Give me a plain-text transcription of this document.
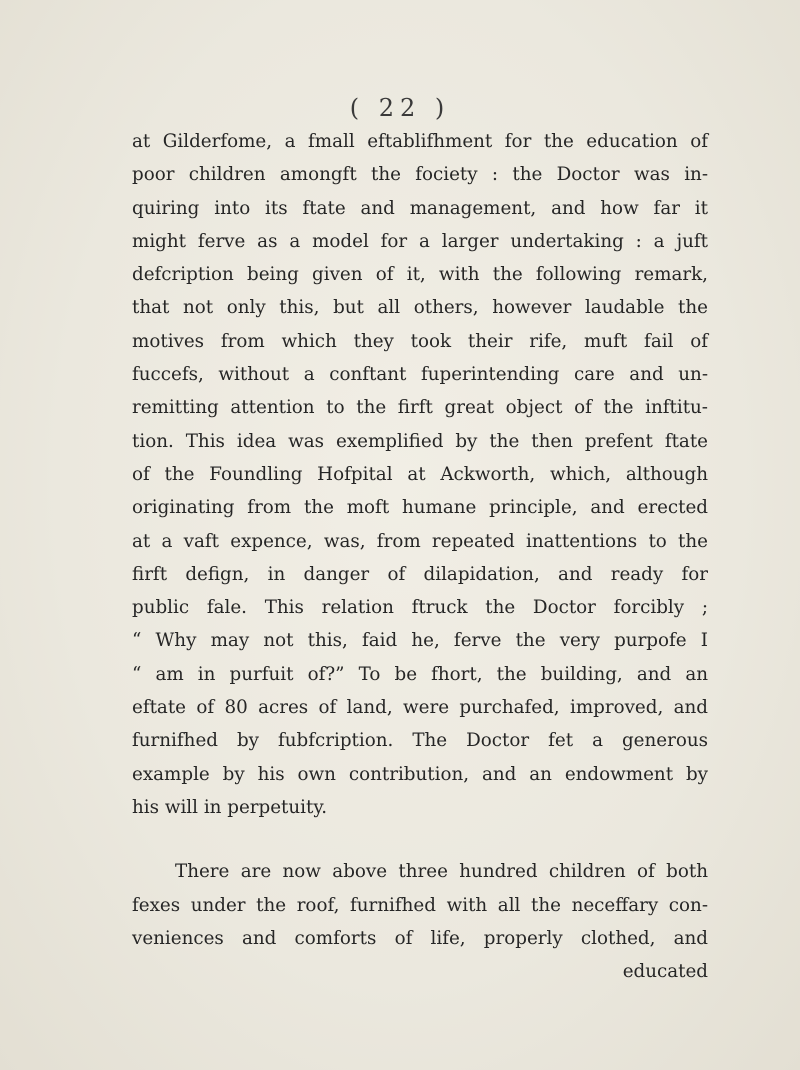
( 22 )
at Gilderfome, a fmall eftablifhment for the education of
poor children amongft the fociety : the Doctor was in-
quiring into its ftate and management, and how far it
might ferve as a model for a larger undertaking : a juft
defcription being given of it, with the following remark,
that not only this, but all others, however laudable the
motives from which they took their rife, muft fail of
fuccefs, without a conftant fuperintending care and un-
remitting attention to the firft great object of the inftitu-
tion. This idea was exemplified by the then prefent ftate
of the Foundling Hofpital at Ackworth, which, although
originating from the moft humane principle, and erected
at a vaft expence, was, from repeated inattentions to the
firft defign, in danger of dilapidation, and ready for
public fale. This relation ftruck the Doctor forcibly ;
“ Why may not this, faid he, ferve the very purpofe I
“ am in purfuit of?” To be fhort, the building, and an
eftate of 80 acres of land, were purchafed, improved, and
furnifhed by fubfcription. The Doctor fet a generous
example by his own contribution, and an endowment by
his will in perpetuity.
There are now above three hundred children of both
fexes under the roof, furnifhed with all the neceffary con-
veniences and comforts of life, properly clothed, and
educated
